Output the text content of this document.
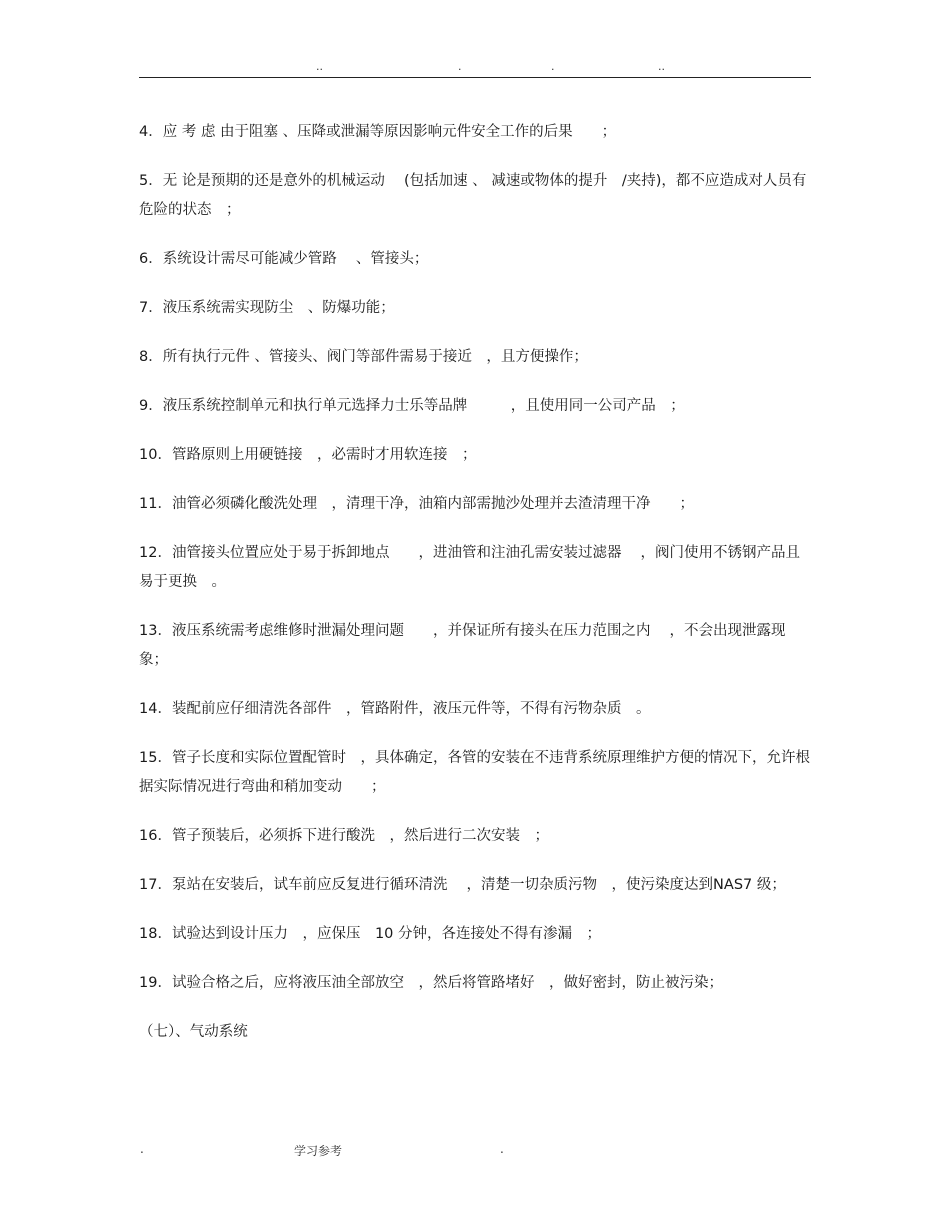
..	.	.	..

4．应 考 虑 由于阻塞 、压降或泄漏等原因影响元件安全工作的后果　　；

5．无 论是预期的还是意外的机械运动　 (包括加速 、 减速或物体的提升　/夹持)，都不应造成对人员有危险的状态　；

6．系统设计需尽可能减少管路　 、管接头；

7．液压系统需实现防尘　、防爆功能；

8．所有执行元件 、管接头、阀门等部件需易于接近　，且方便操作；

9．液压系统控制单元和执行单元选择力士乐等品牌　　　，且使用同一公司产品　；

10．管路原则上用硬链接　，必需时才用软连接　；

11．油管必须磷化酸洗处理　，清理干净，油箱内部需抛沙处理并去渣清理干净　　；

12．油管接头位置应处于易于拆卸地点　　，进油管和注油孔需安装过滤器　 ，阀门使用不锈钢产品且易于更换　。

13．液压系统需考虑维修时泄漏处理问题　　，并保证所有接头在压力范围之内　 ，不会出现泄露现象；

14．装配前应仔细清洗各部件　，管路附件，液压元件等，不得有污物杂质　。

15．管子长度和实际位置配管时　，具体确定，各管的安装在不违背系统原理维护方便的情况下，允许根据实际情况进行弯曲和稍加变动　　；

16．管子预装后，必须拆下进行酸洗　，然后进行二次安装　；

17．泵站在安装后，试车前应反复进行循环清洗　 ，清楚一切杂质污物　，使污染度达到NAS7 级；

18．试验达到设计压力　，应保压　10 分钟，各连接处不得有渗漏　；

19．试验合格之后，应将液压油全部放空　，然后将管路堵好　，做好密封，防止被污染；

（七）、气动系统

.	学习参考	.
